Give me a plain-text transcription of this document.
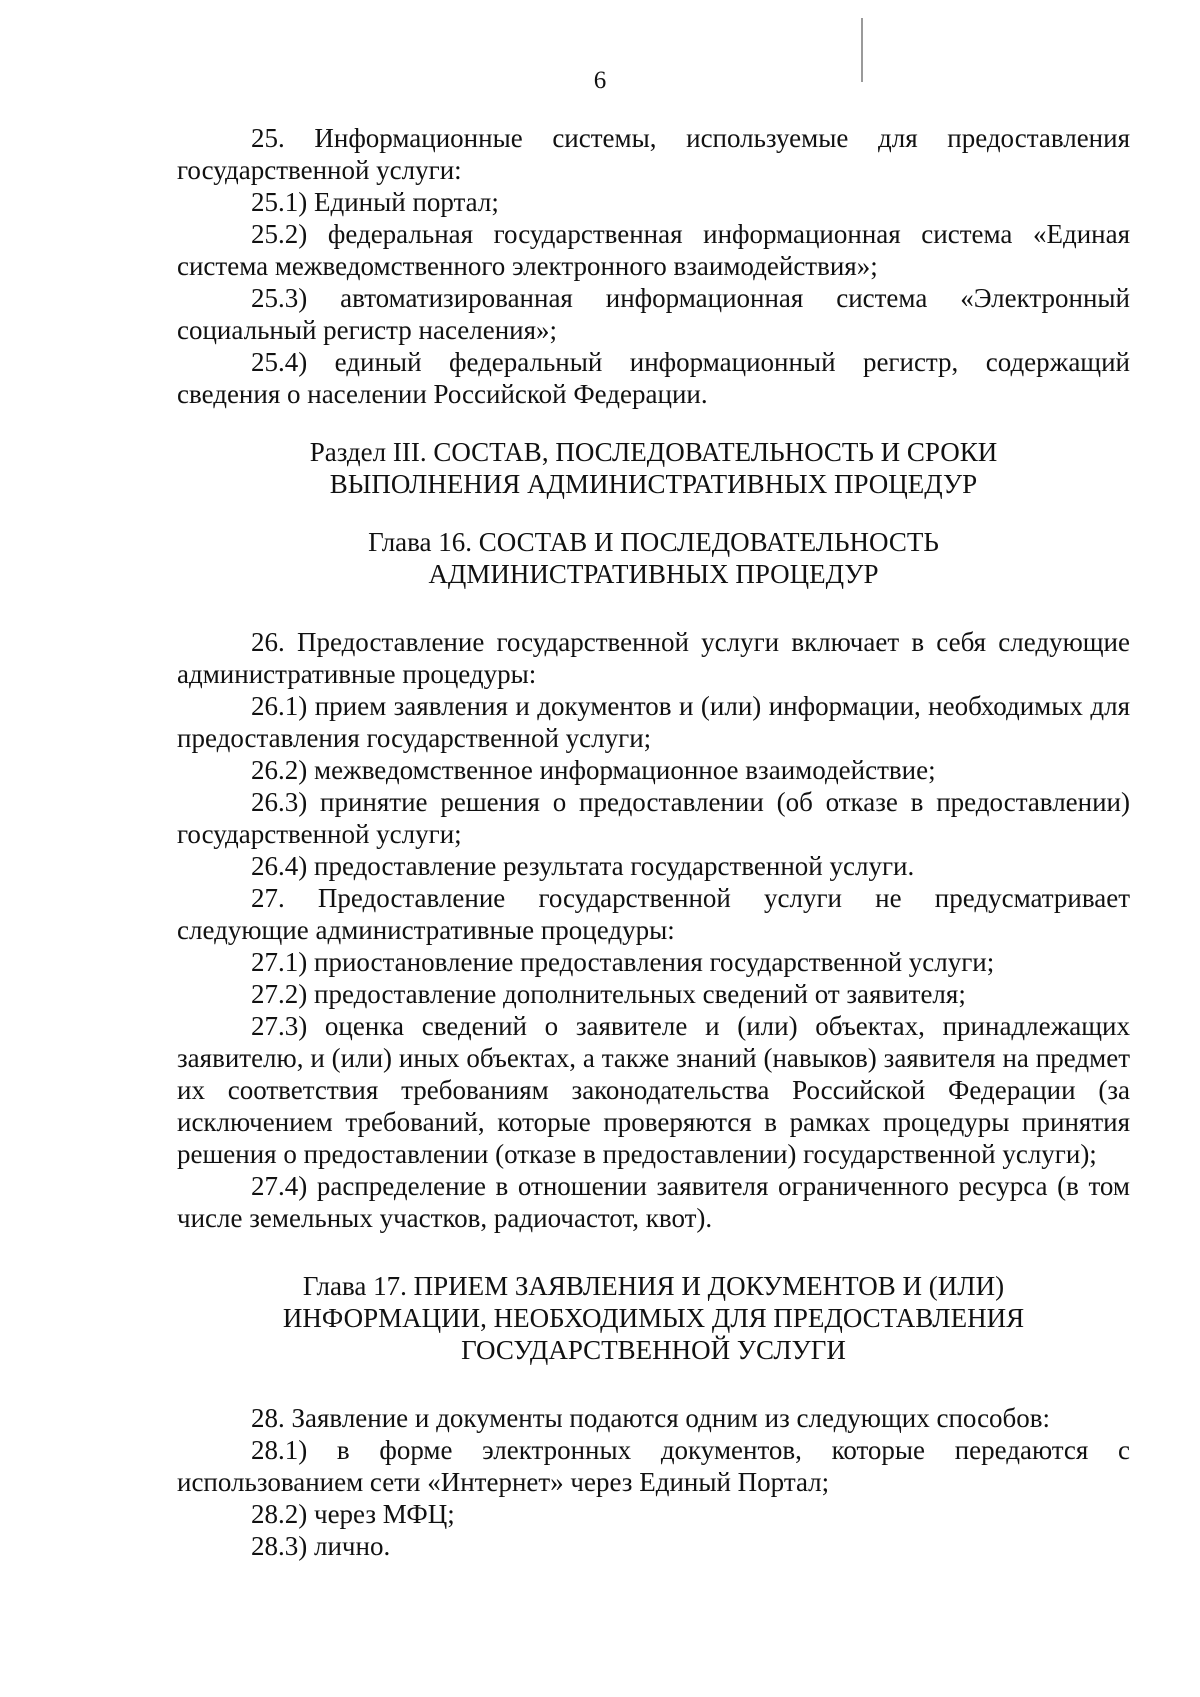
6

25. Информационные системы, используемые для предоставления государственной услуги:

25.1) Единый портал;

25.2) федеральная государственная информационная система «Единая система межведомственного электронного взаимодействия»;

25.3) автоматизированная информационная система «Электронный социальный регистр населения»;

25.4) единый федеральный информационный регистр, содержащий сведения о населении Российской Федерации.

Раздел III. СОСТАВ, ПОСЛЕДОВАТЕЛЬНОСТЬ И СРОКИ
ВЫПОЛНЕНИЯ АДМИНИСТРАТИВНЫХ ПРОЦЕДУР
Глава 16. СОСТАВ И ПОСЛЕДОВАТЕЛЬНОСТЬ
АДМИНИСТРАТИВНЫХ ПРОЦЕДУР

26. Предоставление государственной услуги включает в себя следующие административные процедуры:

26.1) прием заявления и документов и (или) информации, необходимых для предоставления государственной услуги;

26.2) межведомственное информационное взаимодействие;

26.3) принятие решения о предоставлении (об отказе в предоставлении) государственной услуги;

26.4) предоставление результата государственной услуги.

27. Предоставление государственной услуги не предусматривает следующие административные процедуры:

27.1) приостановление предоставления государственной услуги;

27.2) предоставление дополнительных сведений от заявителя;

27.3) оценка сведений о заявителе и (или) объектах, принадлежащих заявителю, и (или) иных объектах, а также знаний (навыков) заявителя на предмет их соответствия требованиям законодательства Российской Федерации (за исключением требований, которые проверяются в рамках процедуры принятия решения о предоставлении (отказе в предоставлении) государственной услуги);

27.4) распределение в отношении заявителя ограниченного ресурса (в том числе земельных участков, радиочастот, квот).

Глава 17. ПРИЕМ ЗАЯВЛЕНИЯ И ДОКУМЕНТОВ И (ИЛИ)
ИНФОРМАЦИИ, НЕОБХОДИМЫХ ДЛЯ ПРЕДОСТАВЛЕНИЯ
ГОСУДАРСТВЕННОЙ УСЛУГИ

28. Заявление и документы подаются одним из следующих способов:

28.1) в форме электронных документов, которые передаются с использованием сети «Интернет» через Единый Портал;

28.2) через МФЦ;

28.3) лично.
